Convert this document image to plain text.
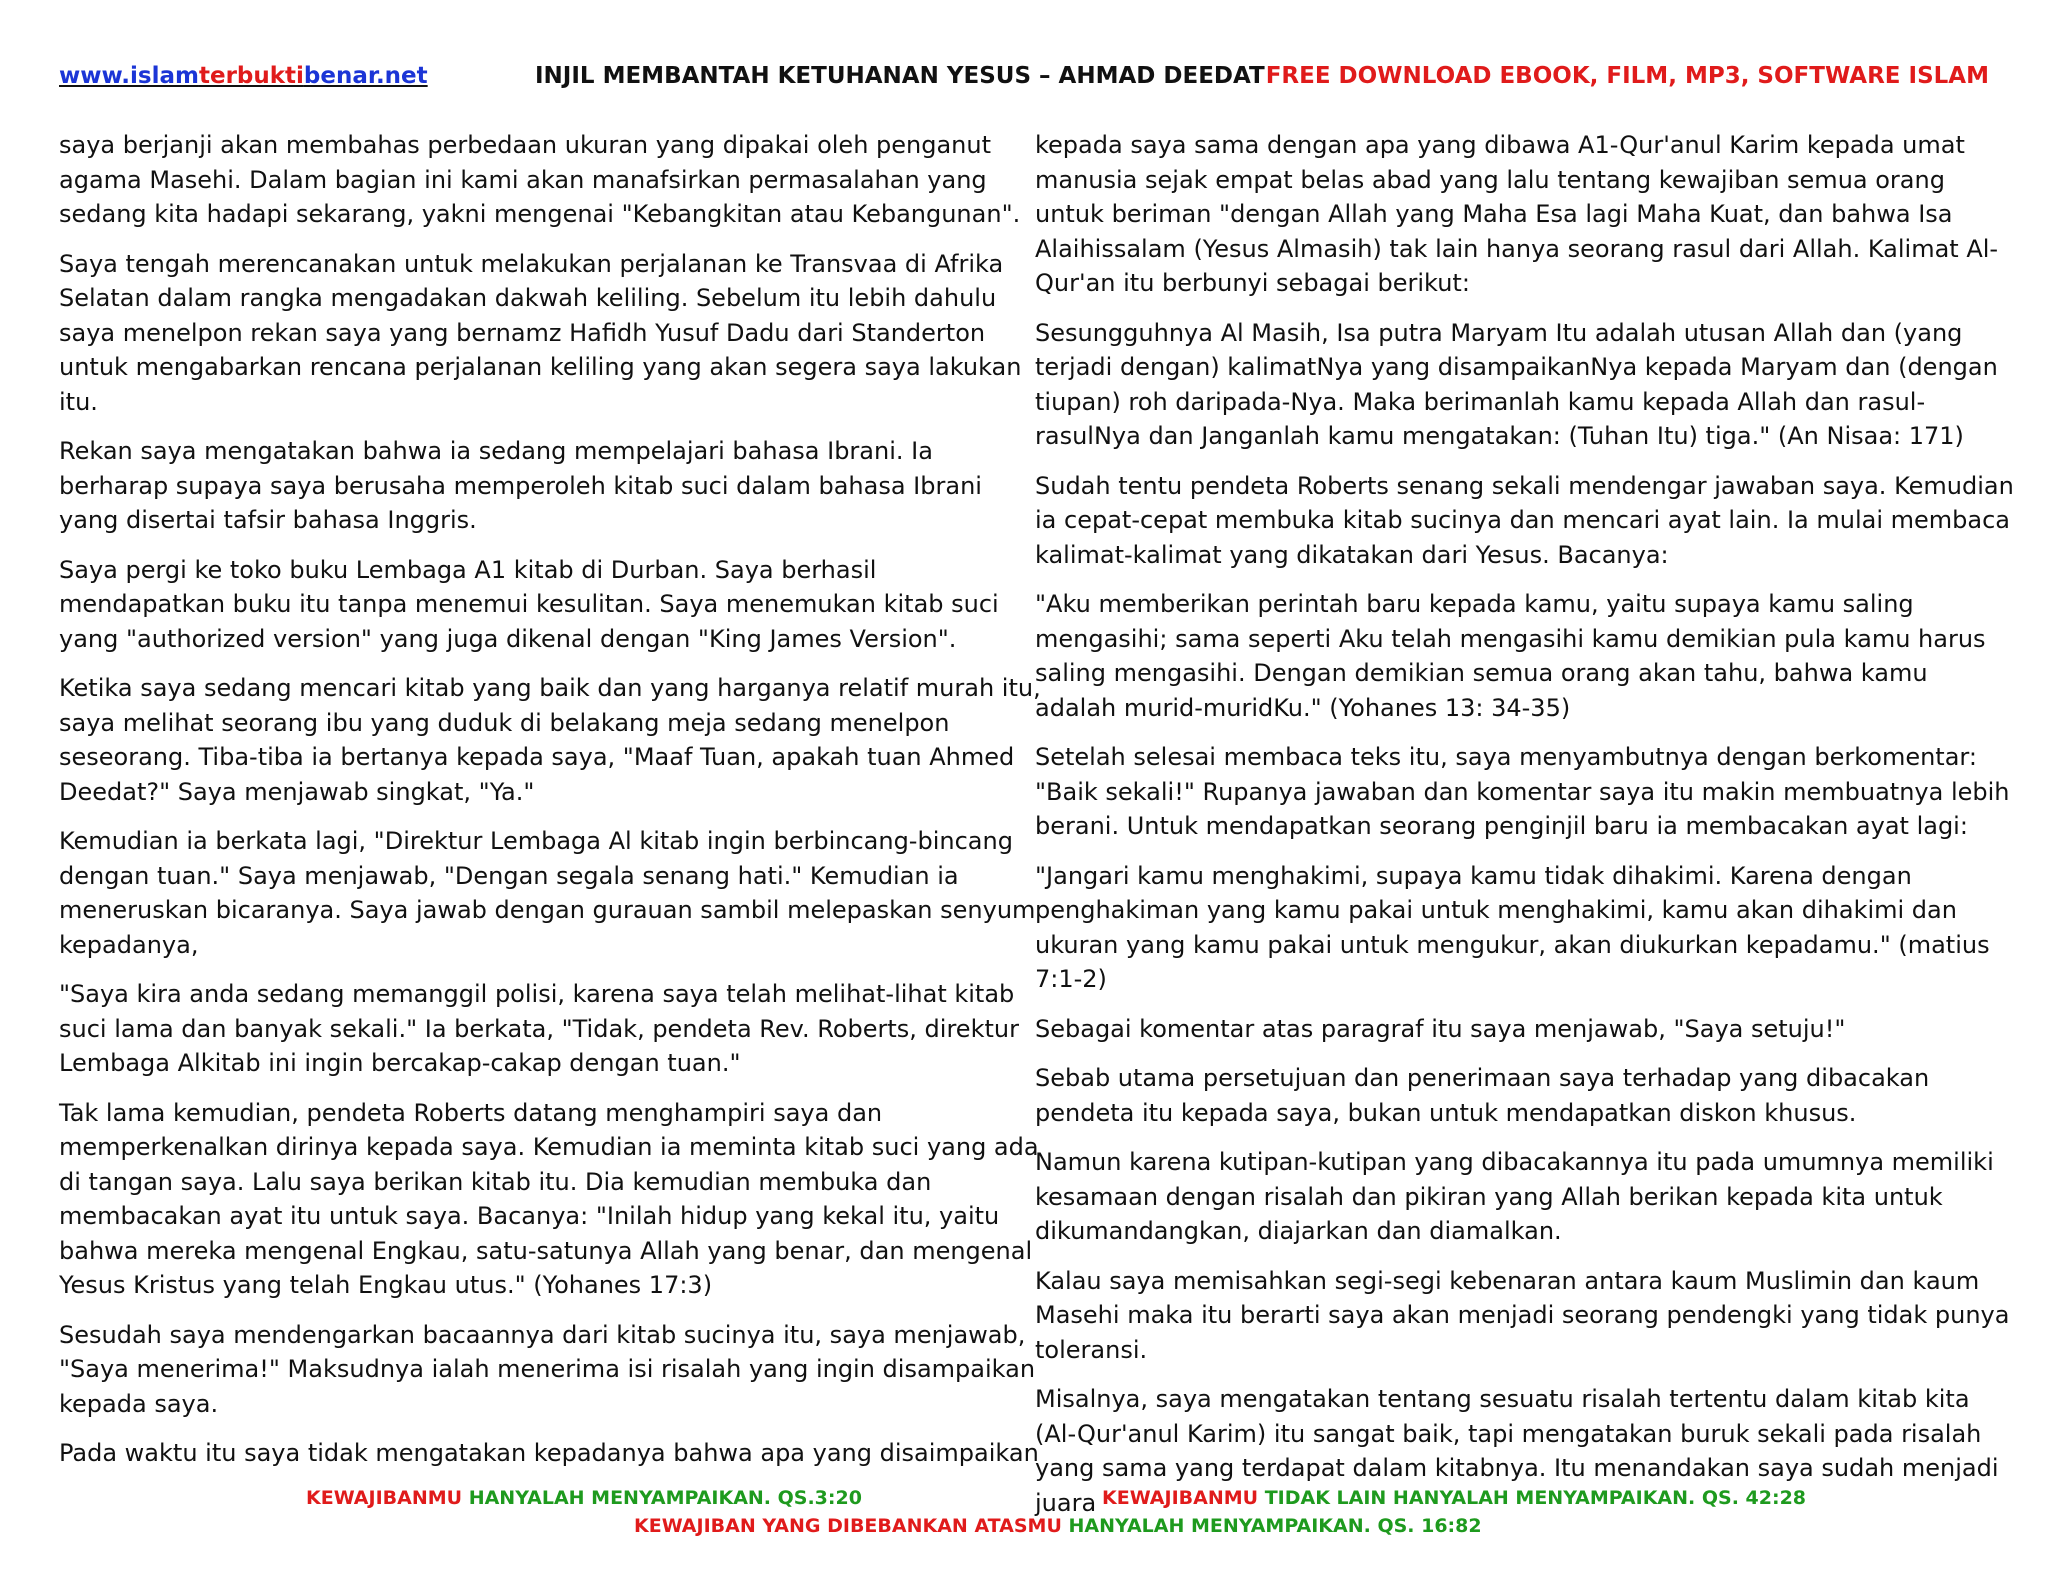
www.islamterbuktibenar.net	INJIL MEMBANTAH KETUHANAN YESUS – AHMAD DEEDAT FREE DOWNLOAD EBOOK, FILM, MP3, SOFTWARE ISLAM

saya berjanji akan membahas perbedaan ukuran yang dipakai oleh penganut agama Masehi. Dalam bagian ini kami akan manafsirkan permasalahan yang sedang kita hadapi sekarang, yakni mengenai "Kebangkitan atau Kebangunan".

Saya tengah merencanakan untuk melakukan perjalanan ke Transvaa di Afrika Selatan dalam rangka mengadakan dakwah keliling. Sebelum itu lebih dahulu saya menelpon rekan saya yang bernamz Hafidh Yusuf Dadu dari Standerton untuk mengabarkan rencana perjalanan keliling yang akan segera saya lakukan itu.

Rekan saya mengatakan bahwa ia sedang mempelajari bahasa Ibrani. Ia berharap supaya saya berusaha memperoleh kitab suci dalam bahasa Ibrani yang disertai tafsir bahasa Inggris.

Saya pergi ke toko buku Lembaga A1 kitab di Durban. Saya berhasil mendapatkan buku itu tanpa menemui kesulitan. Saya menemukan kitab suci yang "authorized version" yang juga dikenal dengan "King James Version".

Ketika saya sedang mencari kitab yang baik dan yang harganya relatif murah itu, saya melihat seorang ibu yang duduk di belakang meja sedang menelpon seseorang. Tiba-tiba ia bertanya kepada saya, "Maaf Tuan, apakah tuan Ahmed Deedat?" Saya menjawab singkat, "Ya."

Kemudian ia berkata lagi, "Direktur Lembaga Al kitab ingin berbincang-bincang dengan tuan." Saya menjawab, "Dengan segala senang hati." Kemudian ia meneruskan bicaranya. Saya jawab dengan gurauan sambil melepaskan senyum kepadanya,

"Saya kira anda sedang memanggil polisi, karena saya telah melihat-lihat kitab suci lama dan banyak sekali." Ia berkata, "Tidak, pendeta Rev. Roberts, direktur Lembaga Alkitab ini ingin bercakap-cakap dengan tuan."

Tak lama kemudian, pendeta Roberts datang menghampiri saya dan memperkenalkan dirinya kepada saya. Kemudian ia meminta kitab suci yang ada di tangan saya. Lalu saya berikan kitab itu. Dia kemudian membuka dan membacakan ayat itu untuk saya. Bacanya: "Inilah hidup yang kekal itu, yaitu bahwa mereka mengenal Engkau, satu-satunya Allah yang benar, dan mengenal Yesus Kristus yang telah Engkau utus." (Yohanes 17:3)

Sesudah saya mendengarkan bacaannya dari kitab sucinya itu, saya menjawab, "Saya menerima!" Maksudnya ialah menerima isi risalah yang ingin disampaikan kepada saya.

Pada waktu itu saya tidak mengatakan kepadanya bahwa apa yang disaimpaikan

kepada saya sama dengan apa yang dibawa A1-Qur'anul Karim kepada umat manusia sejak empat belas abad yang lalu tentang kewajiban semua orang untuk beriman "dengan Allah yang Maha Esa lagi Maha Kuat, dan bahwa Isa Alaihissalam (Yesus Almasih) tak lain hanya seorang rasul dari Allah. Kalimat Al-Qur'an itu berbunyi sebagai berikut:

Sesungguhnya Al Masih, Isa putra Maryam Itu adalah utusan Allah dan (yang terjadi dengan) kalimatNya yang disampaikanNya kepada Maryam dan (dengan tiupan) roh daripada-Nya. Maka berimanlah kamu kepada Allah dan rasul-rasulNya dan Janganlah kamu mengatakan: (Tuhan Itu) tiga." (An Nisaa: 171)

Sudah tentu pendeta Roberts senang sekali mendengar jawaban saya. Kemudian ia cepat-cepat membuka kitab sucinya dan mencari ayat lain. Ia mulai membaca kalimat-kalimat yang dikatakan dari Yesus. Bacanya:

"Aku memberikan perintah baru kepada kamu, yaitu supaya kamu saling mengasihi; sama seperti Aku telah mengasihi kamu demikian pula kamu harus saling mengasihi. Dengan demikian semua orang akan tahu, bahwa kamu adalah murid-muridKu." (Yohanes 13: 34-35)

Setelah selesai membaca teks itu, saya menyambutnya dengan berkomentar: "Baik sekali!" Rupanya jawaban dan komentar saya itu makin membuatnya lebih berani. Untuk mendapatkan seorang penginjil baru ia membacakan ayat lagi:

"Jangari kamu menghakimi, supaya kamu tidak dihakimi. Karena dengan penghakiman yang kamu pakai untuk menghakimi, kamu akan dihakimi dan ukuran yang kamu pakai untuk mengukur, akan diukurkan kepadamu." (matius 7:1-2)

Sebagai komentar atas paragraf itu saya menjawab, "Saya setuju!"

Sebab utama persetujuan dan penerimaan saya terhadap yang dibacakan pendeta itu kepada saya, bukan untuk mendapatkan diskon khusus.

Namun karena kutipan-kutipan yang dibacakannya itu pada umumnya memiliki kesamaan dengan risalah dan pikiran yang Allah berikan kepada kita untuk dikumandangkan, diajarkan dan diamalkan.

Kalau saya memisahkan segi-segi kebenaran antara kaum Muslimin dan kaum Masehi maka itu berarti saya akan menjadi seorang pendengki yang tidak punya toleransi.

Misalnya, saya mengatakan tentang sesuatu risalah tertentu dalam kitab kita (Al-Qur'anul Karim) itu sangat baik, tapi mengatakan buruk sekali pada risalah yang sama yang terdapat dalam kitabnya. Itu menandakan saya sudah menjadi juara

KEWAJIBANMU HANYALAH MENYAMPAIKAN. QS.3:20	KEWAJIBANMU TIDAK LAIN HANYALAH MENYAMPAIKAN. QS. 42:28
KEWAJIBAN YANG DIBEBANKAN ATASMU HANYALAH MENYAMPAIKAN. QS. 16:82
